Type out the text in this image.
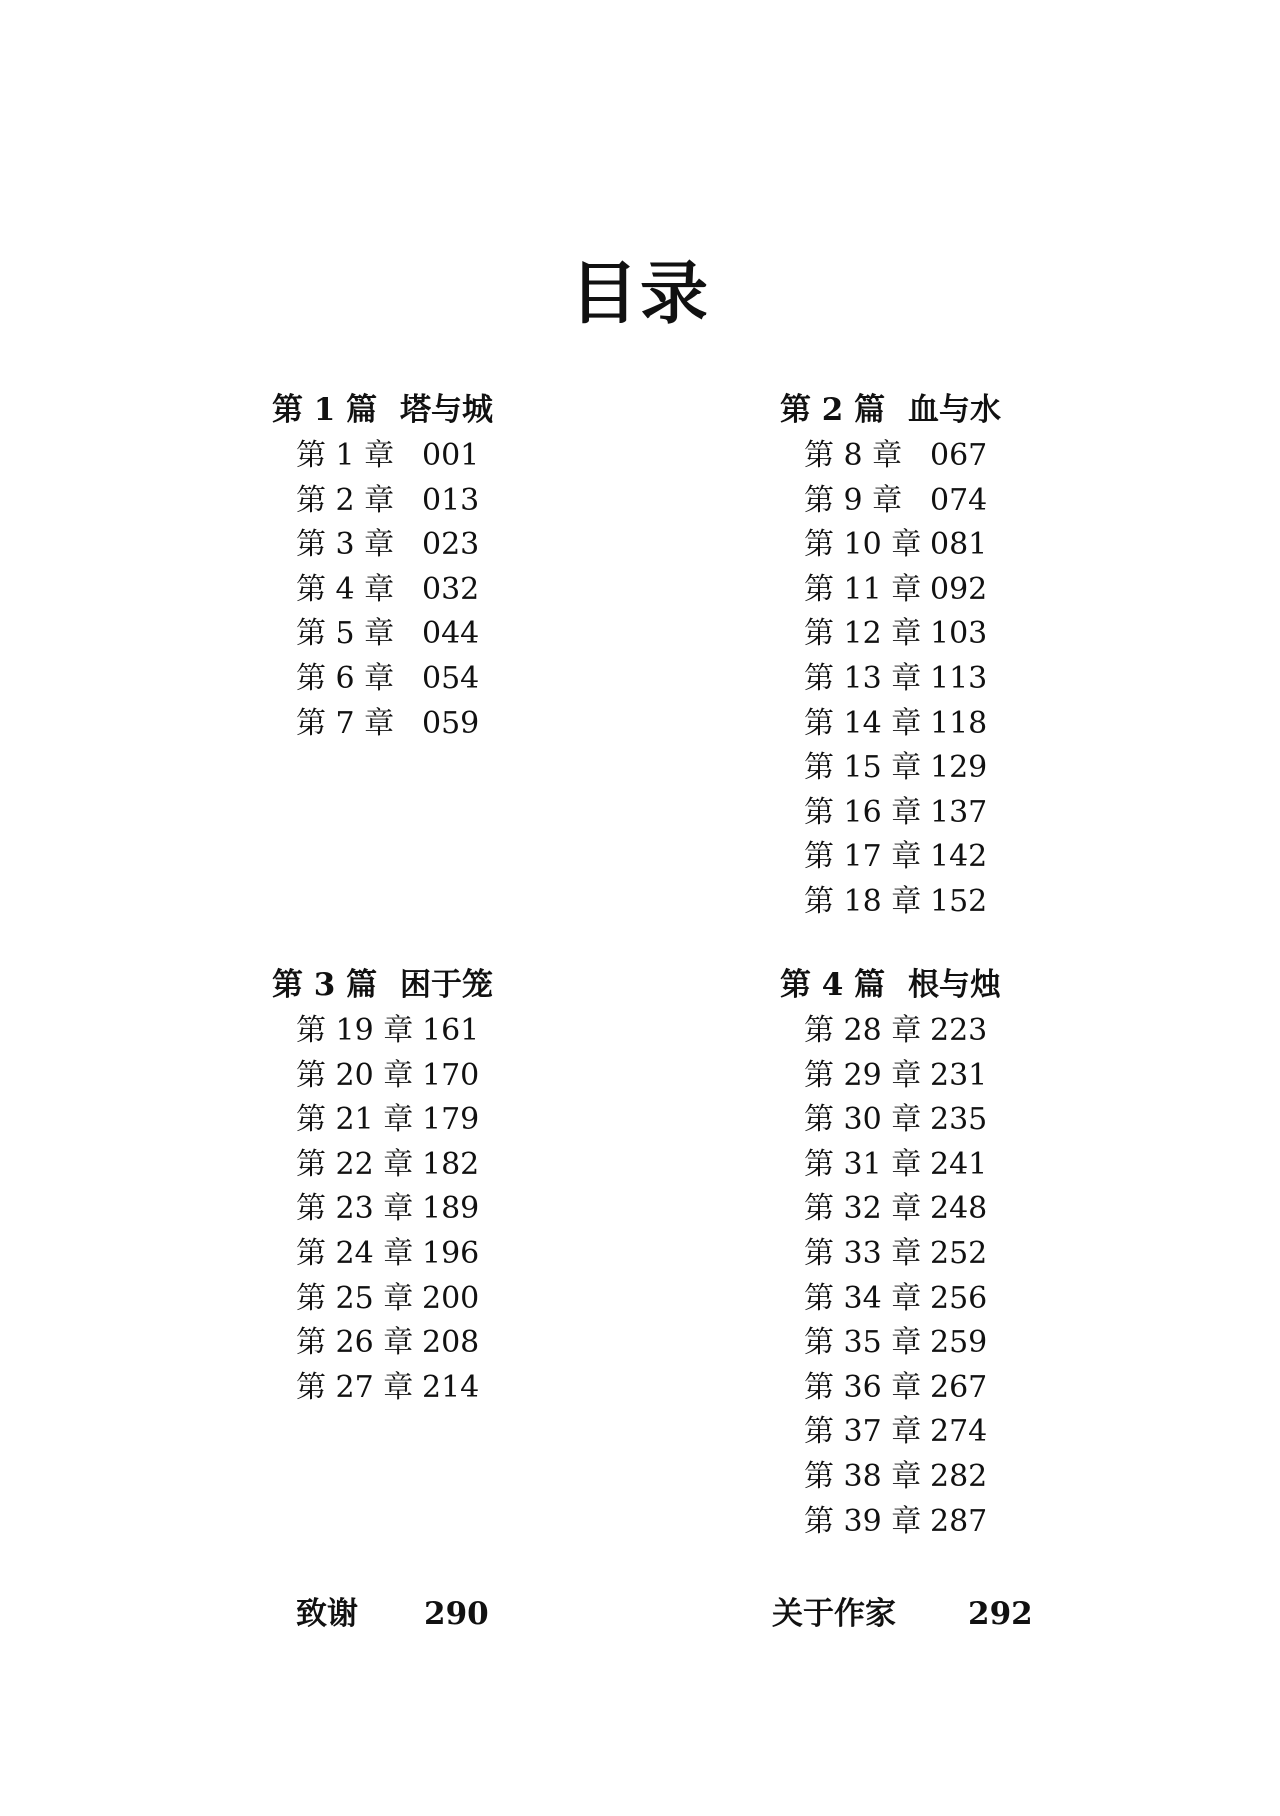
目录
第 1 篇 塔与城
第 1 章 001
第 2 章 013
第 3 章 023
第 4 章 032
第 5 章 044
第 6 章 054
第 7 章 059
第 2 篇 血与水
第 8 章 067
第 9 章 074
第 10 章 081
第 11 章 092
第 12 章 103
第 13 章 113
第 14 章 118
第 15 章 129
第 16 章 137
第 17 章 142
第 18 章 152
第 3 篇 困于笼
第 19 章 161
第 20 章 170
第 21 章 179
第 22 章 182
第 23 章 189
第 24 章 196
第 25 章 200
第 26 章 208
第 27 章 214
第 4 篇 根与烛
第 28 章 223
第 29 章 231
第 30 章 235
第 31 章 241
第 32 章 248
第 33 章 252
第 34 章 256
第 35 章 259
第 36 章 267
第 37 章 274
第 38 章 282
第 39 章 287
致谢 290	关于作家 292
